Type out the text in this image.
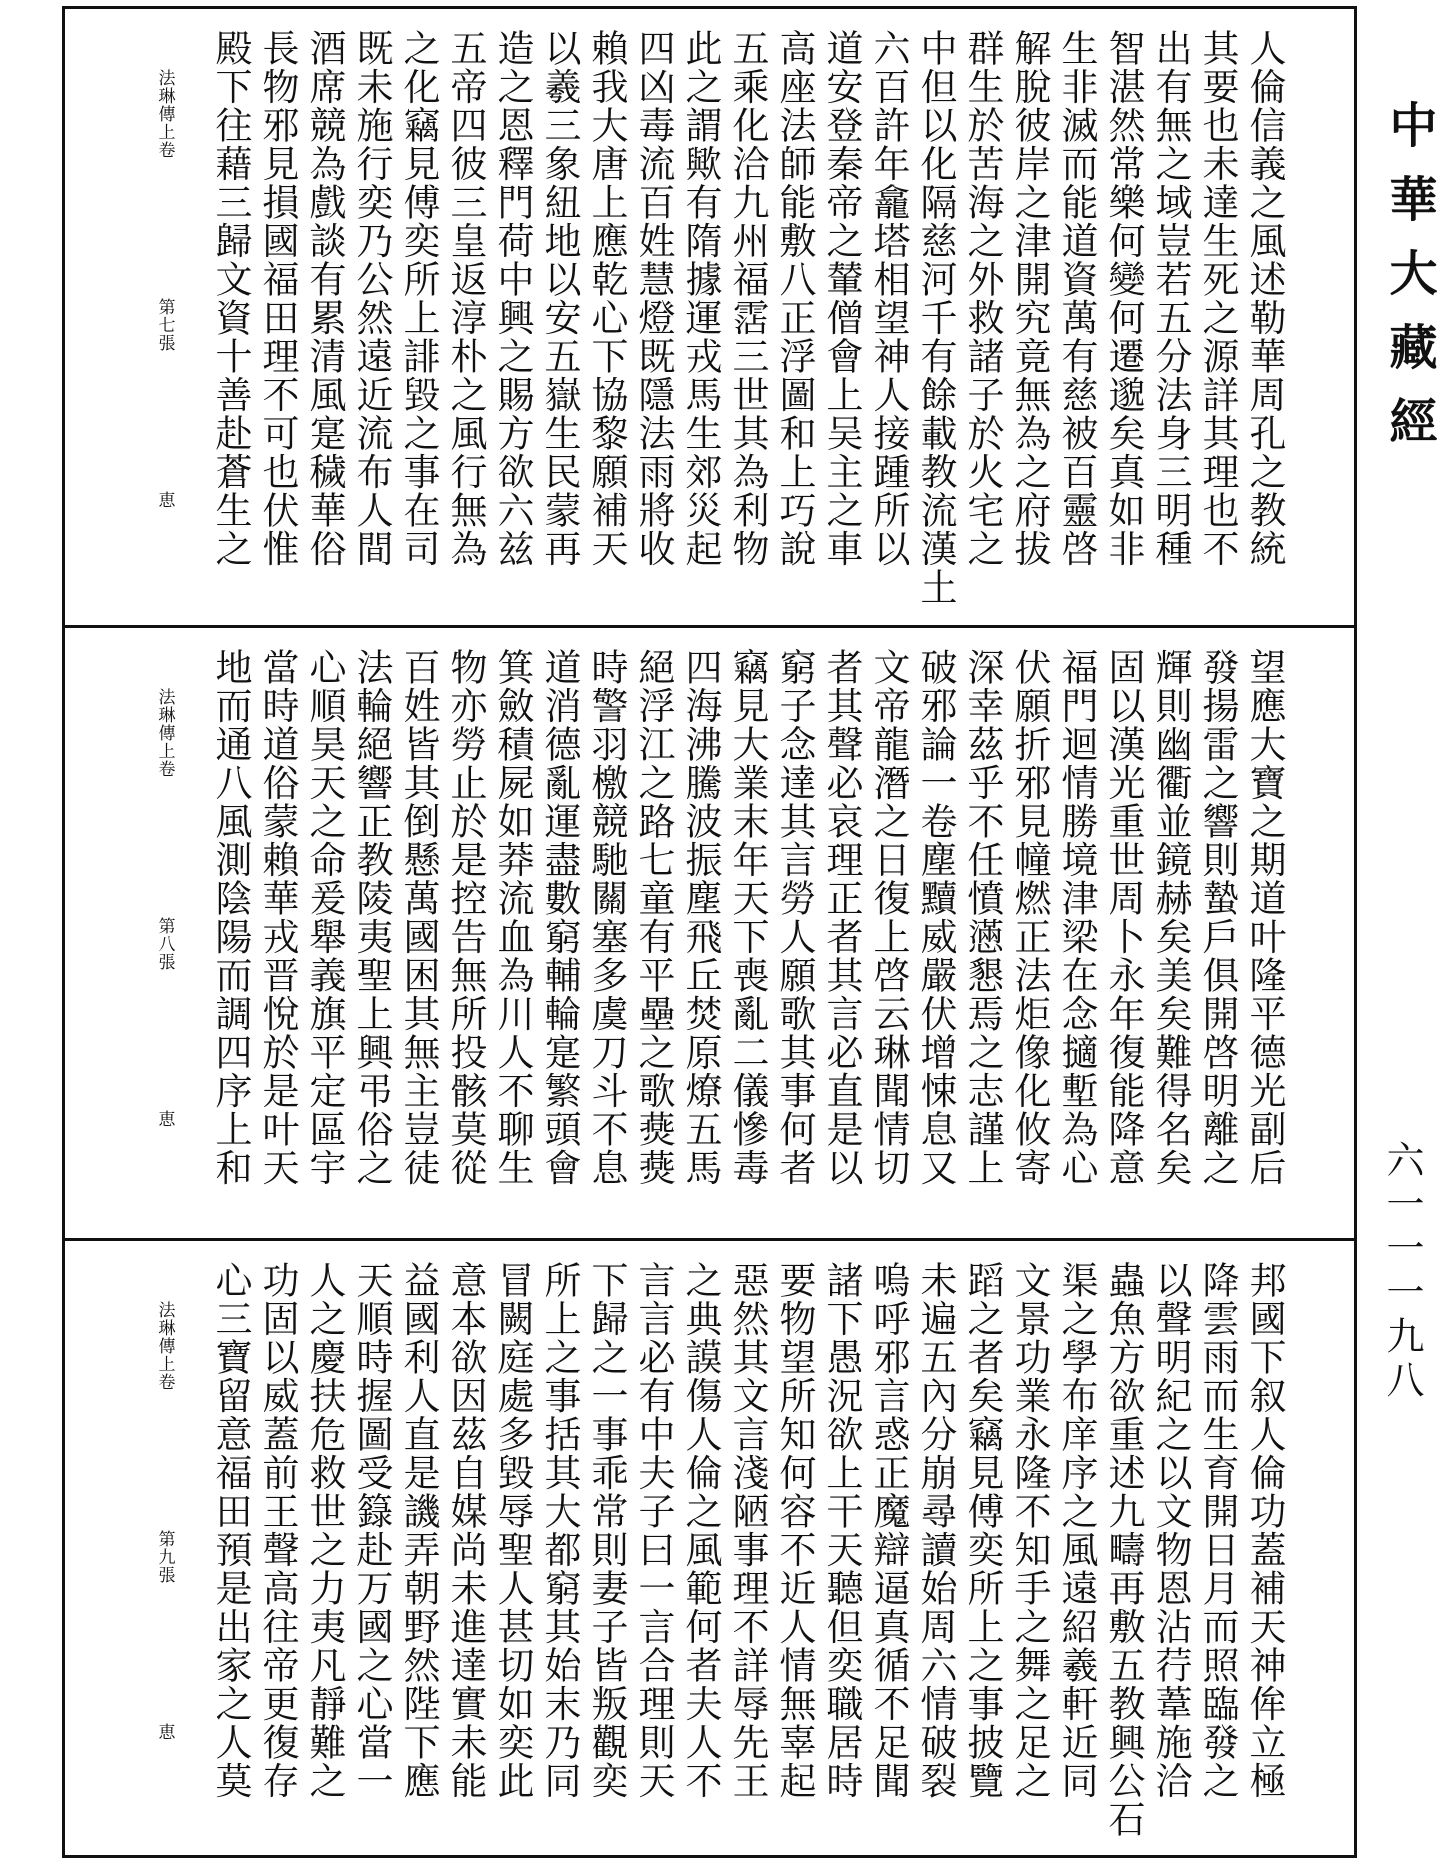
中華大藏經
六一一一九八
人倫信義之風述勒華周孔之教統
其要也未達生死之源詳其理也不
出有無之域豈若五分法身三明種
智湛然常樂何變何遷邈矣真如非
生非滅而能道資萬有慈被百靈啓
解脫彼岸之津開究竟無為之府拔
群生於苦海之外救諸子於火宅之
中但以化隔慈河千有餘載教流漢土
六百許年龕塔相望神人接踵所以
道安登秦帝之輦僧會上吴主之車
高座法師能敷八正浮圖和上巧說
五乘化洽九州福霑三世其為利物
此之謂歟有隋據運戎馬生郊災起
四凶毒流百姓慧燈既隱法雨將收
賴我大唐上應乾心下協黎願補天
以羲三象紐地以安五嶽生民蒙再
造之恩釋門荷中興之賜方欲六兹
五帝四彼三皇返淳朴之風行無為
之化竊見傅奕所上誹毀之事在司
既未施行奕乃公然遠近流布人間
酒席競為戲談有累清風寔穢華俗
長物邪見損國福田理不可也伏惟
殿下往藉三歸文資十善赴蒼生之
法琳傳上卷
第七張
恵
望應大寶之期道叶隆平德光副后
發揚雷之響則蟄戶俱開啓明離之
輝則幽衢並鏡赫矣美矣難得名矣
固以漢光重世周卜永年復能降意
福門迴情勝境津梁在念擿塹為心
伏願折邪見幢燃正法炬像化攸寄
深幸茲乎不任憤懣懇焉之志謹上
破邪論一卷塵黷威嚴伏增悚息又
文帝龍潛之日復上啓云琳聞情切
者其聲必哀理正者其言必直是以
窮子念達其言勞人願歌其事何者
竊見大業末年天下喪亂二儀慘毒
四海沸騰波振塵飛丘焚原燎五馬
絕浮江之路七童有平壘之歌㷼㷼
時警羽檄競馳關塞多虞刀斗不息
道消德亂運盡數窮輔輪寔繁頭會
箕斂積屍如莽流血為川人不聊生
物亦勞止於是控告無所投骸莫從
百姓皆其倒懸萬國困其無主豈徒
法輪絕響正教陵夷聖上興弔俗之
心順昊天之命爰舉義旗平定區宇
當時道俗蒙賴華戎晋悅於是叶天
地而通八風測陰陽而調四序上和
法琳傳上卷
第八張
恵
邦國下叙人倫功蓋補天神侔立極
降雲雨而生育開日月而照臨發之
以聲明紀之以文物恩沾荇葦施洽
蟲魚方欲重述九疇再敷五教興公石
渠之學布庠序之風遠紹羲軒近同
文景功業永隆不知手之舞之足之
蹈之者矣竊見傅奕所上之事披覽
未遍五內分崩尋讀始周六情破裂
嗚呼邪言惑正魔辯逼真循不足聞
諸下愚況欲上干天聽但奕職居時
要物望所知何容不近人情無辜起
惡然其文言淺陋事理不詳辱先王
之典謨傷人倫之風範何者夫人不
言言必有中夫子曰一言合理則天
下歸之一事乖常則妻子皆叛觀奕
所上之事括其大都窮其始末乃同
冒闕庭處多毀辱聖人甚切如奕此
意本欲因茲自媒尚未進達實未能
益國利人直是譏弄朝野然陛下應
天順時握圖受籙赴万國之心當一
人之慶扶危救世之力夷凡靜難之
功固以威蓋前王聲高往帝更復存
心三寶留意福田預是出家之人莫
法琳傳上卷
第九張
恵
